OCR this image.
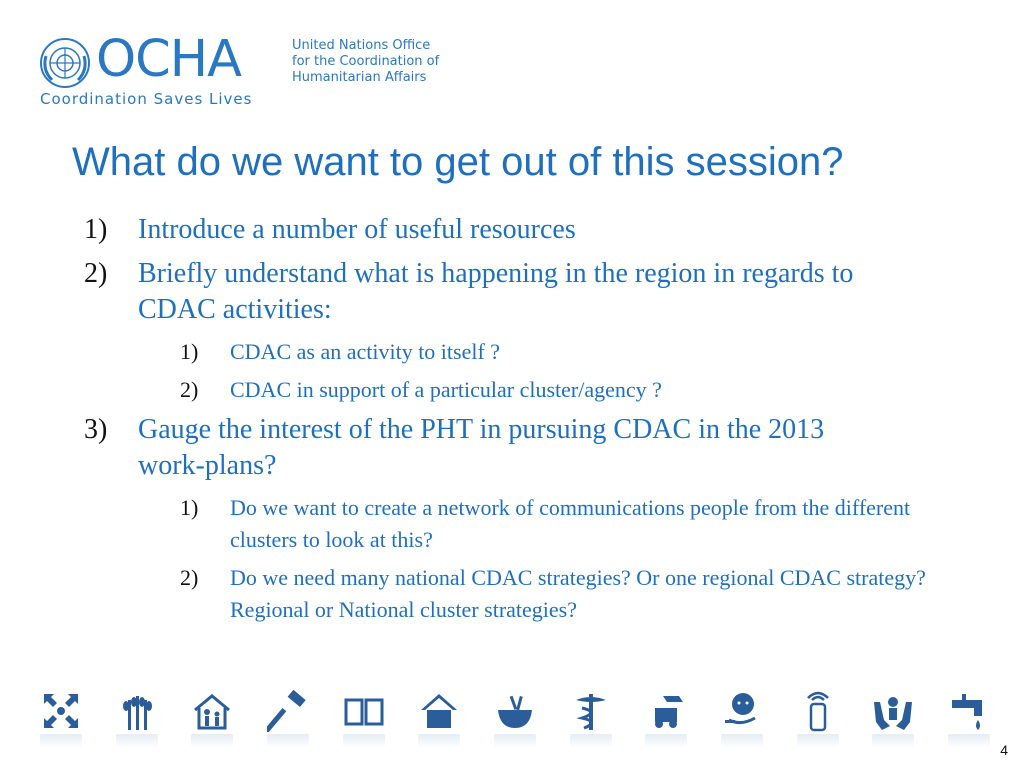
OCHA	United Nations Office
for the Coordination of
Humanitarian Affairs
Coordination Saves Lives
What do we want to get out of this session?
1) Introduce a number of useful resources
2) Briefly understand what is happening in the region in regards to CDAC activities:
1) CDAC as an activity to itself ?
2) CDAC in support of a particular cluster/agency ?
3) Gauge the interest of the PHT in pursuing CDAC in the 2013 work-plans?
1) Do we want to create a network of communications people from the different clusters to look at this?
2) Do we need many national CDAC strategies? Or one regional CDAC strategy? Regional or National cluster strategies?
4
